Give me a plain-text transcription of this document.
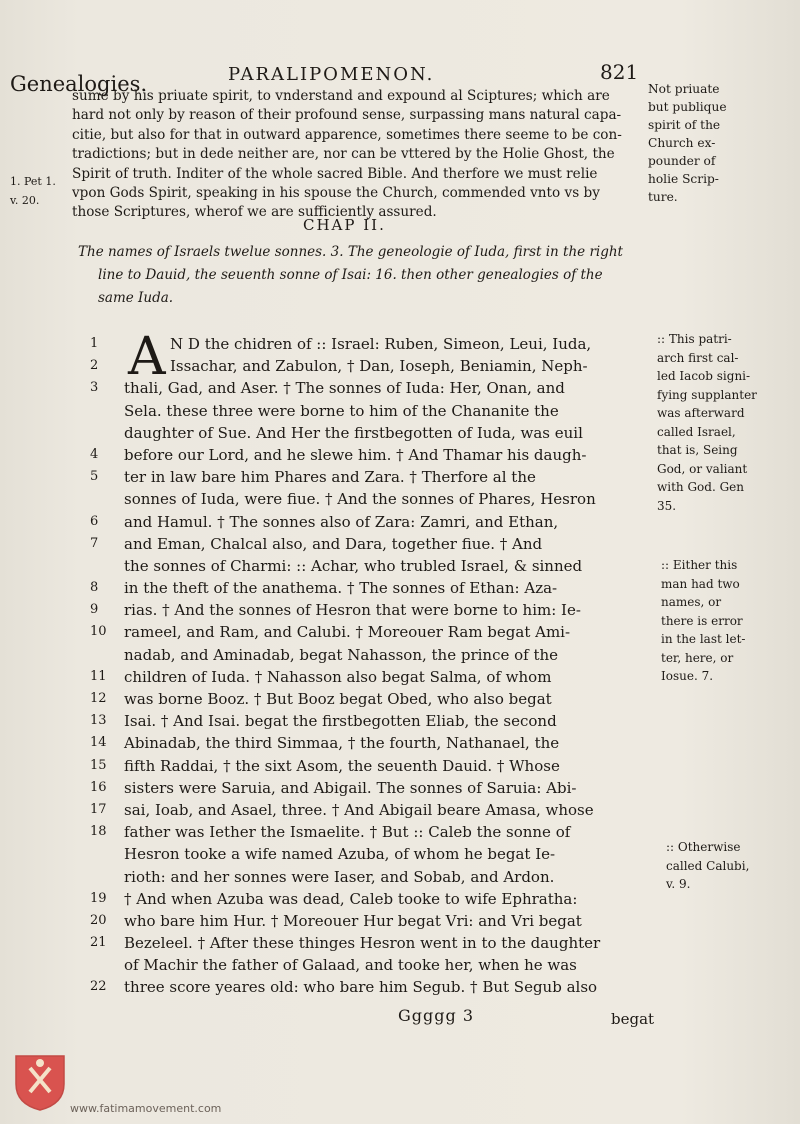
Genealogies.	PARALIPOMENON.	821
sume by his priuate spirit, to vnderstand and expound al Sciptures; which are
hard not only by reason of their profound sense, surpassing mans natural capa-
citie, but also for that in outward apparence, sometimes there seeme to be con-
tradictions; but in dede neither are, nor can be vttered by the Holie Ghost, the
Spirit of truth. Inditer of the whole sacred Bible. And therfore we must relie
vpon Gods Spirit, speaking in his spouse the Church, commended vnto vs by
those Scriptures, wherof we are sufficiently assured.
Not priuate
but publique
spirit of the
Church ex-
pounder of
holie Scrip-
ture.
1. Pet 1.
v. 20.
CHAP II.
The names of Israels twelue sonnes. 3. The geneologie of Iuda, first in the right
line to Dauid, the seuenth sonne of Isai: 16. then other genealogies of the
same Iuda.
A
1	N D the chidren of :: Israel: Ruben, Simeon, Leui, Iuda,
2	Issachar, and Zabulon, † Dan, Ioseph, Beniamin, Neph-
3	thali, Gad, and Aser. † The sonnes of Iuda: Her, Onan, and
Sela. these three were borne to him of the Chananite the
daughter of Sue. And Her the firstbegotten of Iuda, was euil
4	before our Lord, and he slewe him. † And Thamar his daugh-
5	ter in law bare him Phares and Zara. † Therfore al the
sonnes of Iuda, were fiue. † And the sonnes of Phares, Hesron
6	and Hamul. † The sonnes also of Zara: Zamri, and Ethan,
7	and Eman, Chalcal also, and Dara, together fiue. † And
the sonnes of Charmi: :: Achar, who trubled Israel, & sinned
8	in the theft of the anathema. † The sonnes of Ethan: Aza-
9	rias. † And the sonnes of Hesron that were borne to him: Ie-
10	rameel, and Ram, and Calubi. † Moreouer Ram begat Ami-
nadab, and Aminadab, begat Nahasson, the prince of the
11	children of Iuda. † Nahasson also begat Salma, of whom
12	was borne Booz. † But Booz begat Obed, who also begat
13	Isai. † And Isai. begat the firstbegotten Eliab, the second
14	Abinadab, the third Simmaa, † the fourth, Nathanael, the
15	fifth Raddai, † the sixt Asom, the seuenth Dauid. † Whose
16	sisters were Saruia, and Abigail. The sonnes of Saruia: Abi-
17	sai, Ioab, and Asael, three. † And Abigail beare Amasa, whose
18	father was Iether the Ismaelite. † But :: Caleb the sonne of
Hesron tooke a wife named Azuba, of whom he begat Ie-
rioth: and her sonnes were Iaser, and Sobab, and Ardon.
19	† And when Azuba was dead, Caleb tooke to wife Ephratha:
20	who bare him Hur. † Moreouer Hur begat Vri: and Vri begat
21	Bezeleel. † After these thinges Hesron went in to the daughter
of Machir the father of Galaad, and tooke her, when he was
22	three score yeares old: who bare him Segub. † But Segub also
:: This patri-
arch first cal-
led Iacob signi-
fying supplanter
was afterward
called Israel,
that is, Seing
God, or valiant
with God. Gen
35.
:: Either this
man had two
names, or
there is error
in the last let-
ter, here, or
Iosue. 7.
:: Otherwise
called Calubi,
v. 9.
Ggggg 3	begat
www.fatimamovement.com
